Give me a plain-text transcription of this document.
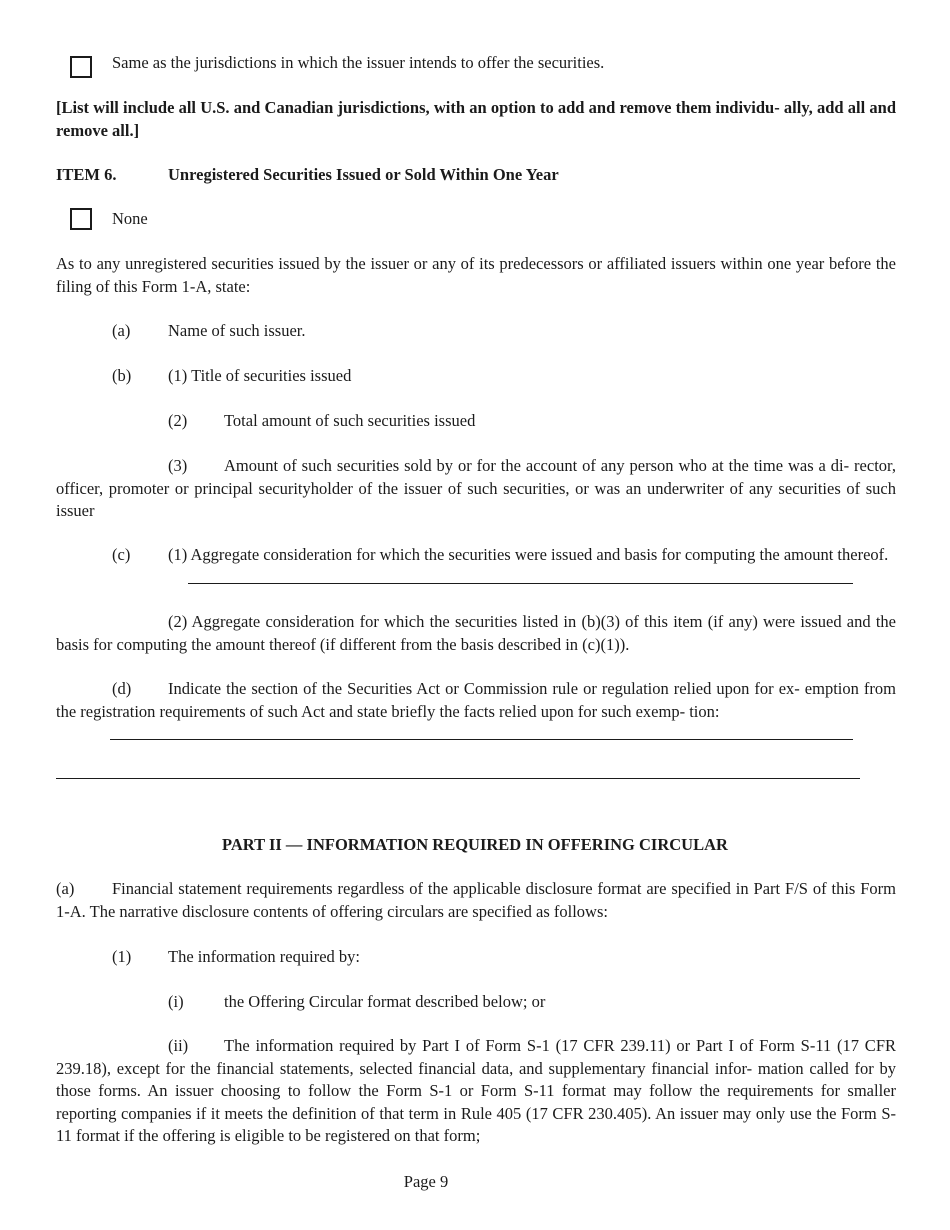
Same as the jurisdictions in which the issuer intends to offer the securities.
[List will include all U.S. and Canadian jurisdictions, with an option to add and remove them individu- ally, add all and remove all.]
ITEM 6.	Unregistered Securities Issued or Sold Within One Year
None
As to any unregistered securities issued by the issuer or any of its predecessors or affiliated issuers within one year before the filing of this Form 1-A, state:
(a) Name of such issuer.
(b) (1) Title of securities issued
(2) Total amount of such securities issued
(3) Amount of such securities sold by or for the account of any person who at the time was a di- rector, officer, promoter or principal securityholder of the issuer of such securities, or was an underwriter of any securities of such issuer
(c) (1) Aggregate consideration for which the securities were issued and basis for computing the amount thereof.
(2) Aggregate consideration for which the securities listed in (b)(3) of this item (if any) were issued and the basis for computing the amount thereof (if different from the basis described in (c)(1)).
(d) Indicate the section of the Securities Act or Commission rule or regulation relied upon for ex- emption from the registration requirements of such Act and state briefly the facts relied upon for such exemp- tion:
PART II — INFORMATION REQUIRED IN OFFERING CIRCULAR
(a) Financial statement requirements regardless of the applicable disclosure format are specified in Part F/S of this Form 1-A. The narrative disclosure contents of offering circulars are specified as follows:
(1) The information required by:
(i) the Offering Circular format described below; or
(ii) The information required by Part I of Form S-1 (17 CFR 239.11) or Part I of Form S-11 (17 CFR 239.18), except for the financial statements, selected financial data, and supplementary financial infor- mation called for by those forms. An issuer choosing to follow the Form S-1 or Form S-11 format may follow the requirements for smaller reporting companies if it meets the definition of that term in Rule 405 (17 CFR 230.405). An issuer may only use the Form S-11 format if the offering is eligible to be registered on that form;
Page 9
